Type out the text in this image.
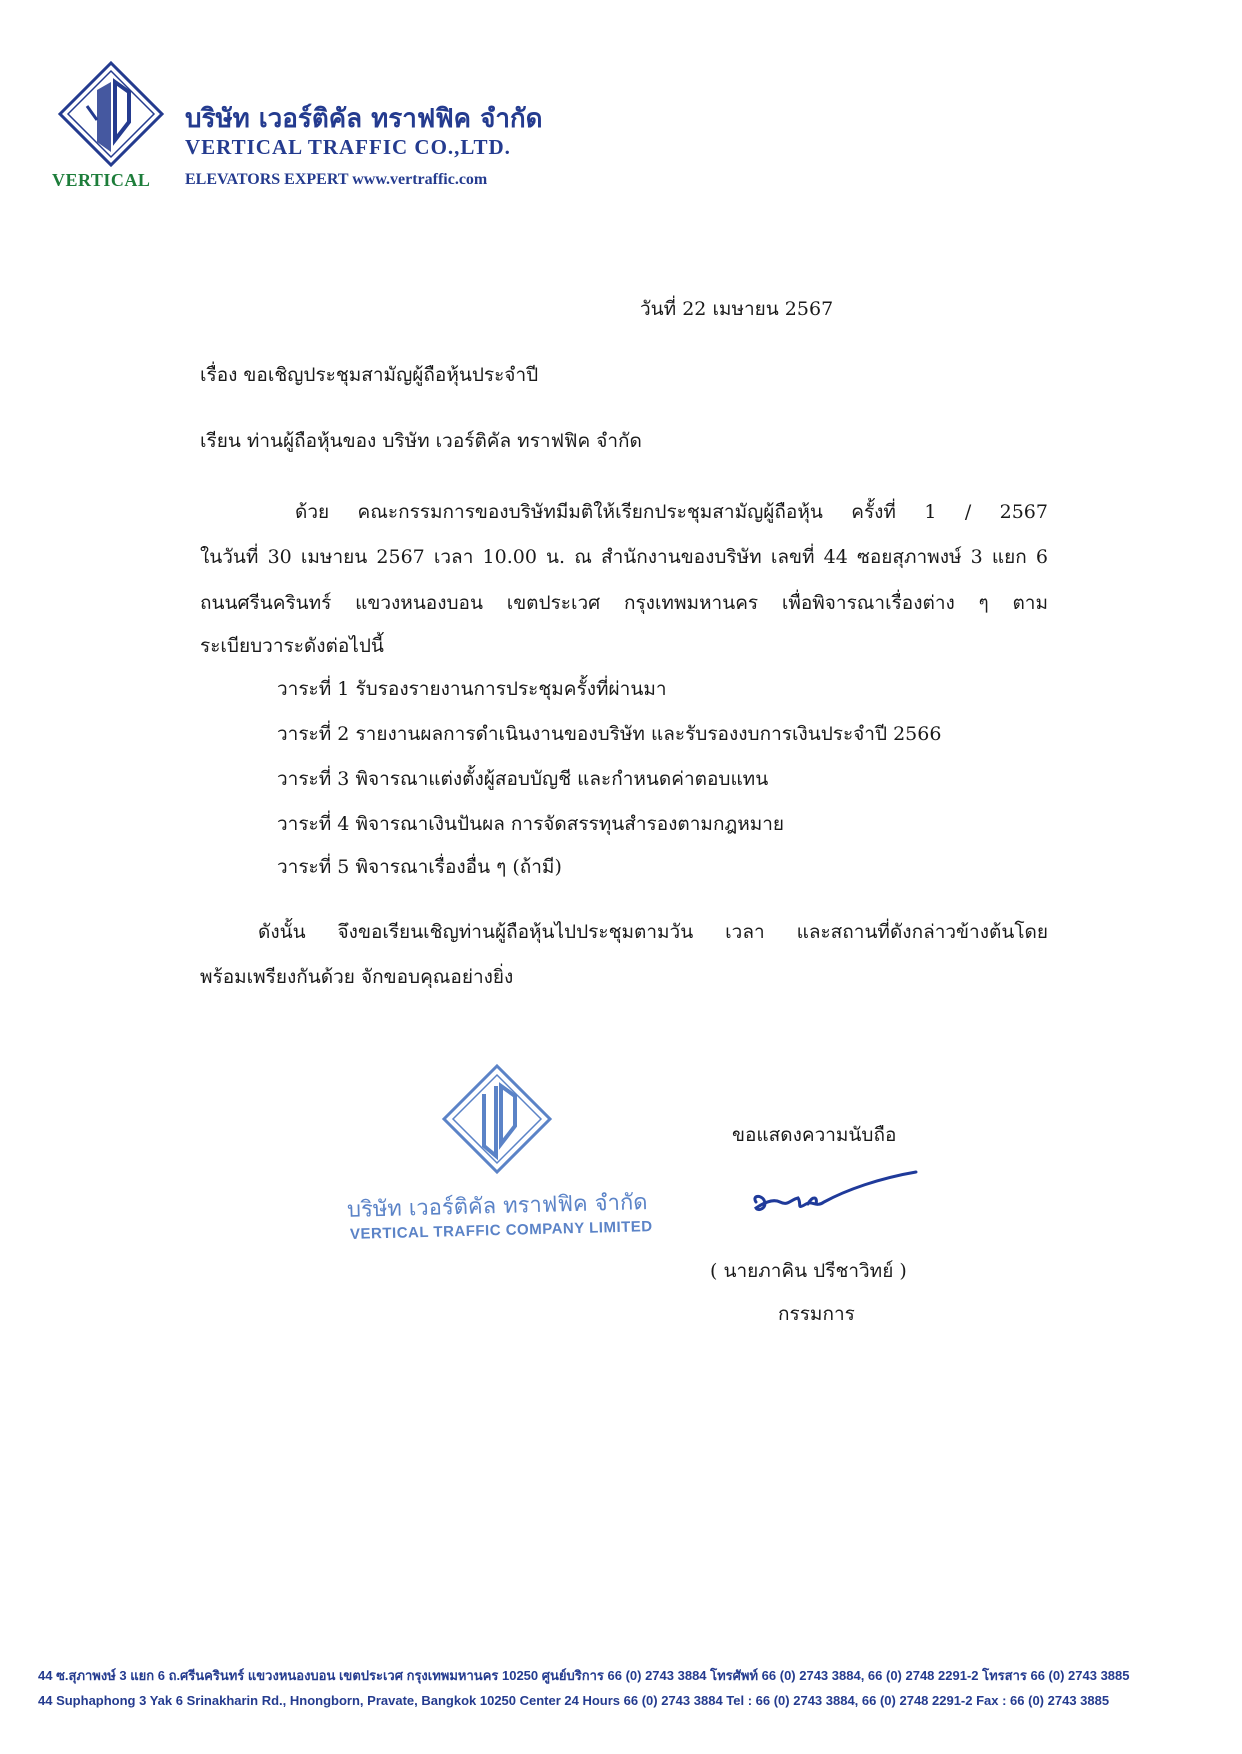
VERTICAL
บริษัท เวอร์ติคัล ทราฟฟิค จำกัด
VERTICAL TRAFFIC CO.,LTD.
ELEVATORS EXPERT www.vertraffic.com
วันที่ 22 เมษายน 2567
เรื่อง ขอเชิญประชุมสามัญผู้ถือหุ้นประจำปี
เรียน ท่านผู้ถือหุ้นของ บริษัท เวอร์ติคัล ทราฟฟิค จำกัด
ด้วย คณะกรรมการของบริษัทมีมติให้เรียกประชุมสามัญผู้ถือหุ้น ครั้งที่ 1 / 2567
ในวันที่ 30 เมษายน 2567 เวลา 10.00 น. ณ สำนักงานของบริษัท เลขที่ 44 ซอยสุภาพงษ์ 3 แยก 6
ถนนศรีนครินทร์ แขวงหนองบอน เขตประเวศ กรุงเทพมหานคร เพื่อพิจารณาเรื่องต่าง ๆ ตาม
ระเบียบวาระดังต่อไปนี้
วาระที่ 1 รับรองรายงานการประชุมครั้งที่ผ่านมา
วาระที่ 2 รายงานผลการดำเนินงานของบริษัท และรับรองงบการเงินประจำปี 2566
วาระที่ 3 พิจารณาแต่งตั้งผู้สอบบัญชี และกำหนดค่าตอบแทน
วาระที่ 4 พิจารณาเงินปันผล การจัดสรรทุนสำรองตามกฎหมาย
วาระที่ 5 พิจารณาเรื่องอื่น ๆ (ถ้ามี)
ดังนั้น จึงขอเรียนเชิญท่านผู้ถือหุ้นไปประชุมตามวัน เวลา และสถานที่ดังกล่าวข้างต้นโดย
พร้อมเพรียงกันด้วย จักขอบคุณอย่างยิ่ง
บริษัท เวอร์ติคัล ทราฟฟิค จำกัด
VERTICAL TRAFFIC COMPANY LIMITED
ขอแสดงความนับถือ
( นายภาคิน ปรีชาวิทย์ )
กรรมการ
44 ซ.สุภาพงษ์ 3 แยก 6 ถ.ศรีนครินทร์ แขวงหนองบอน เขตประเวศ กรุงเทพมหานคร 10250 ศูนย์บริการ 66 (0) 2743 3884 โทรศัพท์ 66 (0) 2743 3884, 66 (0) 2748 2291-2 โทรสาร 66 (0) 2743 3885
44 Suphaphong 3 Yak 6 Srinakharin Rd., Hnongborn, Pravate, Bangkok 10250 Center 24 Hours 66 (0) 2743 3884 Tel : 66 (0) 2743 3884, 66 (0) 2748 2291-2 Fax : 66 (0) 2743 3885
